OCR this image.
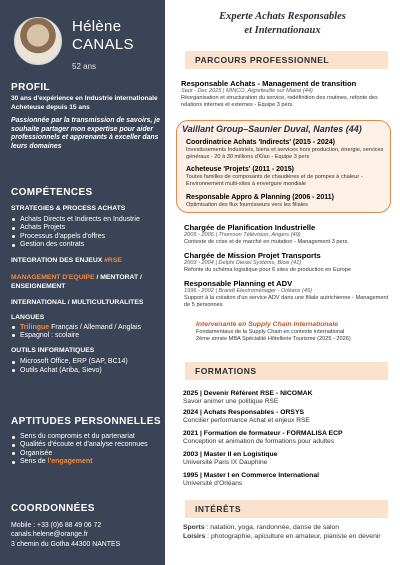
Hélène
CANALS
52 ans
PROFIL
30 ans d'expérience en Industrie internationale
Acheteuse depuis 15 ans
Passionnée par la transmission de savoirs, je souhaite partager mon expertise pour aider professionnels et apprenants à exceller dans leurs domaines
COMPÉTENCES
STRATEGIES & PROCESS ACHATS
Achats Directs et Indirects en Industrie
Achats Projets
Processus d'appels d'offres
Gestion des contrats
INTEGRATION DES ENJEUX #RSE
MANAGEMENT D'EQUIPE / MENTORAT / ENSEIGNEMENT
INTERNATIONAL / MULTICULTURALITES
LANGUES
Trilingue Français / Allemand / Anglais
Espagnol : scolaire
OUTILS INFORMATIQUES
Microsoft Office, ERP (SAP, BC14)
Outils Achat (Ariba, Sievo)
APTITUDES PERSONNELLES
Sens du compromis et du partenariat
Qualités d'écoute et d'analyse reconnues
Organisée
Sens de l'engagement
COORDONNÉES
Mobile : +33 (0)6 88 49 06 72
canals.helene@orange.fr
3 chemin du Gotha 44300 NANTES
Experte Achats Responsables
et Internationaux
PARCOURS PROFESSIONNEL
Responsable Achats - Management de transition
Sept - Dec 2025 | MINCO, Aigrefeuille sur Maine (44)
Réorganisation et structuration du service, redéfinition des routines, refonte des relations internes et externes - Equipe 3 pers.
Vaillant Group–Saunier Duval, Nantes (44)
Coordinatrice Achats 'Indirects' (2015 - 2024)
Investissements Industriels, biens et services hors production, énergie, services généraux - 20 à 30 millions d'€/an - Equipe 3 pers
Acheteuse 'Projets' (2011 - 2015)
Toutes familles de composants de chaudières et de pompes à chaleur - Environnement multi-sites à envergure mondiale
Responsable Appro & Planning (2006 - 2011)
Optimisation des flux fournisseurs vers les filiales
Chargée de Planification Industrielle
2005 - 2006 | Thomson Télévision, Angers (49)
Contexte de crise et de marché en mutation - Management 3 pers.
Chargée de Mission Projet Transports
2003 - 2004 | Delphi Diesel Systems, Blois (41)
Refonte du schéma logistique pour 6 sites de production en Europe
Responsable Planning et ADV
1996 - 2002 | Brandt Electroménager - Orléans (45)
Support à la création d'un service ADV dans une filiale autrichienne - Management de 5 personnes
Intervenante en Supply Chain Internationale
Fondamentaux de la Supply Chain en contexte international
2ème année MBA Spécialité Hôtellerie Tourisme (2025 - 2026)
FORMATIONS
2025 | Devenir Référent RSE - NICOMAK
Savoir animer une politique RSE
2024 | Achats Responsables - ORSYS
Concilier performance Achat et enjeux RSE
2021 | Formation de formateur - FORMALISA ECP
Conception et animation de formations pour adultes
2003 | Master II en Logistique
Université Paris IX Dauphine
1995 | Master I en Commerce International
Université d'Orléans
INTÉRÊTS
Sports : natation, yoga, randonnée, danse de salon
Loisirs : photographie, apiculture en amateur, pianiste en devenir
